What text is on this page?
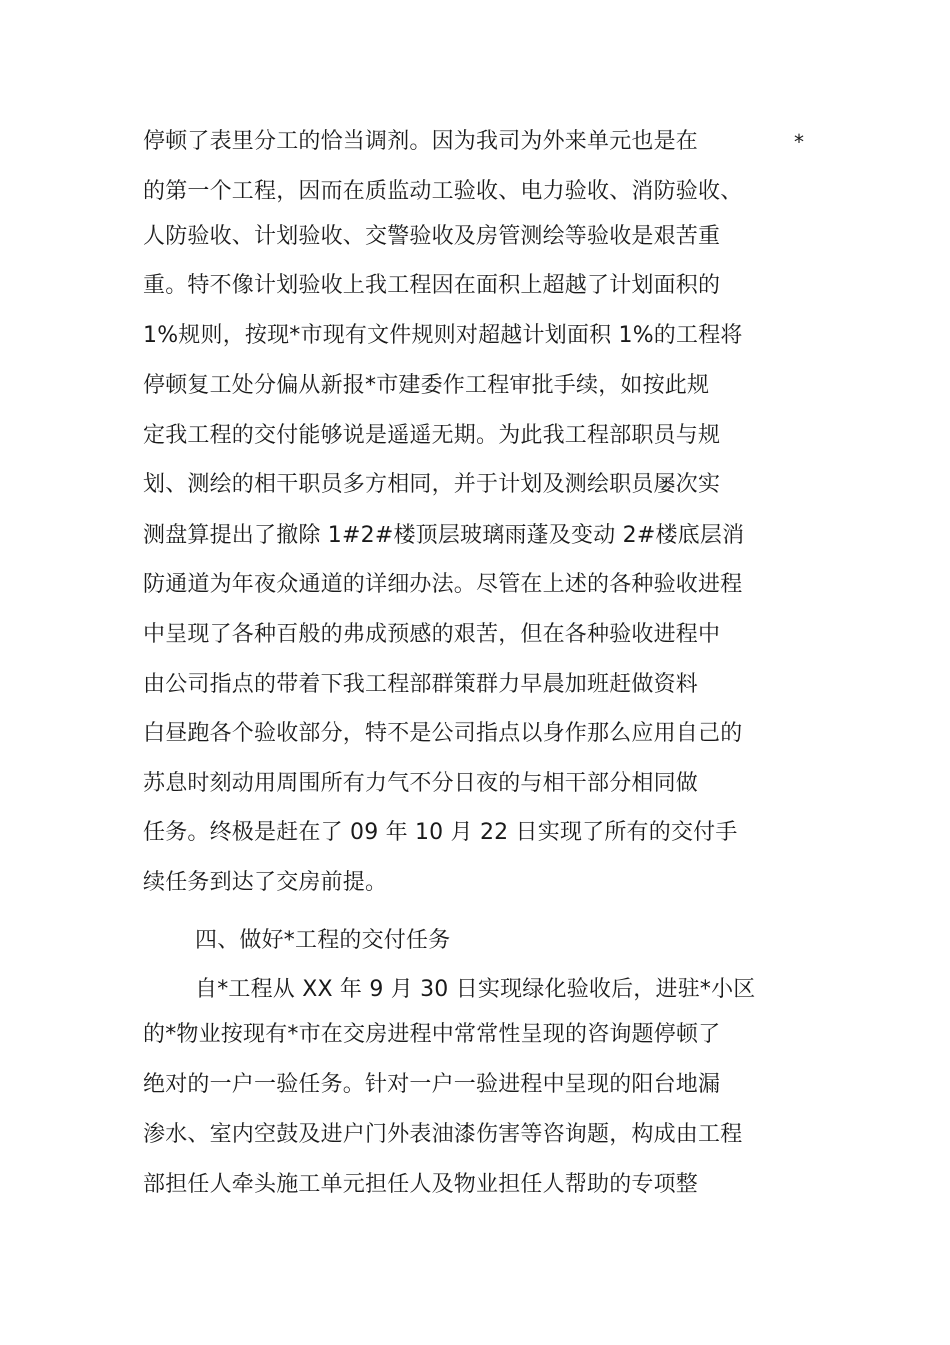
*
停顿了表里分工的恰当调剂。因为我司为外来单元也是在
的第一个工程，因而在质监动工验收、电力验收、消防验收、
人防验收、计划验收、交警验收及房管测绘等验收是艰苦重
重。特不像计划验收上我工程因在面积上超越了计划面积的
1%规则，按现*市现有文件规则对超越计划面积 1%的工程将
停顿复工处分偏从新报*市建委作工程审批手续，如按此规
定我工程的交付能够说是遥遥无期。为此我工程部职员与规
划、测绘的相干职员多方相同，并于计划及测绘职员屡次实
测盘算提出了撤除 1#2#楼顶层玻璃雨蓬及变动 2#楼底层消
防通道为年夜众通道的详细办法。尽管在上述的各种验收进程
中呈现了各种百般的弗成预感的艰苦，但在各种验收进程中
由公司指点的带着下我工程部群策群力早晨加班赶做资料
白昼跑各个验收部分，特不是公司指点以身作那么应用自己的
苏息时刻动用周围所有力气不分日夜的与相干部分相同做
任务。终极是赶在了 09 年 10 月 22 日实现了所有的交付手
续任务到达了交房前提。
四、做好*工程的交付任务
自*工程从 XX 年 9 月 30 日实现绿化验收后，进驻*小区
的*物业按现有*市在交房进程中常常性呈现的咨询题停顿了
绝对的一户一验任务。针对一户一验进程中呈现的阳台地漏
渗水、室内空鼓及进户门外表油漆伤害等咨询题，构成由工程
部担任人牵头施工单元担任人及物业担任人帮助的专项整
